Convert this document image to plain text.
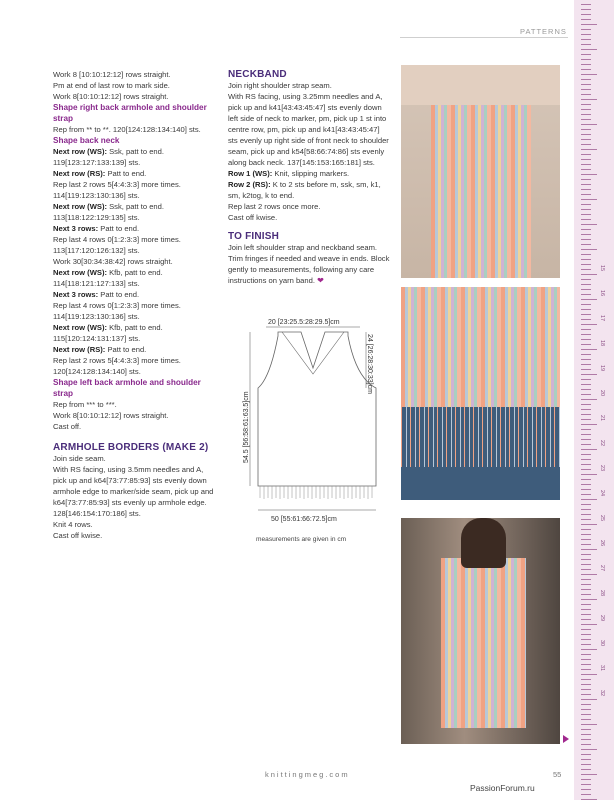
PATTERNS

Work 8 [10:10:12:12] rows straight.

Pm at end of last row to mark side.

Work 8[10:10:12:12] rows straight.

Shape right back armhole and shoulder strap

Rep from ** to **. 120[124:128:134:140] sts.

Shape back neck

Next row (WS): Ssk, patt to end.

119[123:127:133:139] sts.

Next row (RS): Patt to end.

Rep last 2 rows 5[4:4:3:3] more times.

114[119:123:130:136] sts.

Next row (WS): Ssk, patt to end.

113[118:122:129:135] sts.

Next 3 rows: Patt to end.

Rep last 4 rows 0[1:2:3:3] more times.

113[117:120:126:132] sts.

Work 30[30:34:38:42] rows straight.

Next row (WS): Kfb, patt to end.

114[118:121:127:133] sts.

Next 3 rows: Patt to end.

Rep last 4 rows 0[1:2:3:3] more times.

114[119:123:130:136] sts.

Next row (WS): Kfb, patt to end.

115[120:124:131:137] sts.

Next row (RS): Patt to end.

Rep last 2 rows 5[4:4:3:3] more times.

120[124:128:134:140] sts.

Shape left back armhole and shoulder strap

Rep from *** to ***.

Work 8[10:10:12:12] rows straight.

Cast off.

ARMHOLE BORDERS (MAKE 2)

Join side seam.

With RS facing, using 3.5mm needles and A, pick up and k64[73:77:85:93] sts evenly down armhole edge to marker/side seam, pick up and k64[73:77:85:93] sts evenly up armhole edge. 128[146:154:170:186] sts.

Knit 4 rows.

Cast off kwise.

NECKBAND

Join right shoulder strap seam.

With RS facing, using 3.25mm needles and A, pick up and k41[43:43:45:47] sts evenly down left side of neck to marker, pm, pick up 1 st into centre row, pm, pick up and k41[43:43:45:47] sts evenly up right side of front neck to shoulder seam, pick up and k54[58:66:74:86] sts evenly along back neck. 137[145:153:165:181] sts.

Row 1 (WS): Knit, slipping markers.

Row 2 (RS): K to 2 sts before m, ssk, sm, k1, sm, k2tog, k to end.

Rep last 2 rows once more.

Cast off kwise.

TO FINISH

Join left shoulder strap and neckband seam. Trim fringes if needed and weave in ends. Block gently to measurements, following any care instructions on yarn band. ❤

20 [23:25.5:28:29.5]cm
24 [26:28:30:33]cm
54.5 [56:58:61:63.5]cm
50 [55:61:66:72.5]cm
measurements are given in cm
15
16
17
18
19
20
21
22
23
24
25
26
27
28
29
30
31
32
knittingmeg.com	55
PassionForum.ru
